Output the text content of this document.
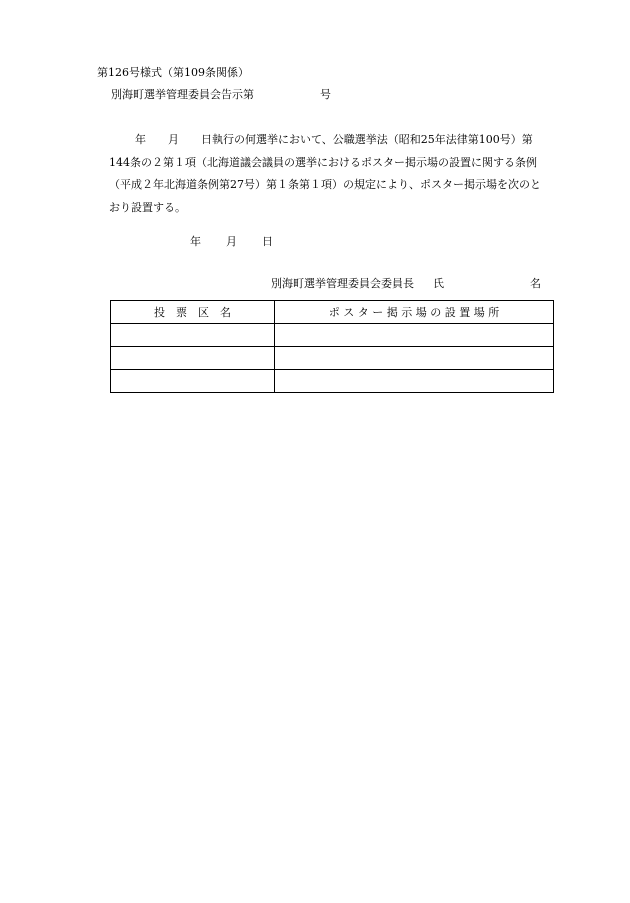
第126号様式（第109条関係）
別海町選挙管理委員会告示第	号
年　　月　　日執行の何選挙において、公職選挙法（昭和25年法律第100号）第
144条の２第１項（北海道議会議員の選挙におけるポスター掲示場の設置に関する条例
（平成２年北海道条例第27号）第１条第１項）の規定により、ポスター掲示場を次のと
おり設置する。
年 月 日
別海町選挙管理委員会委員長 氏	名
投　票　区　名	ポ ス タ ー 掲 示 場 の 設 置 場 所
